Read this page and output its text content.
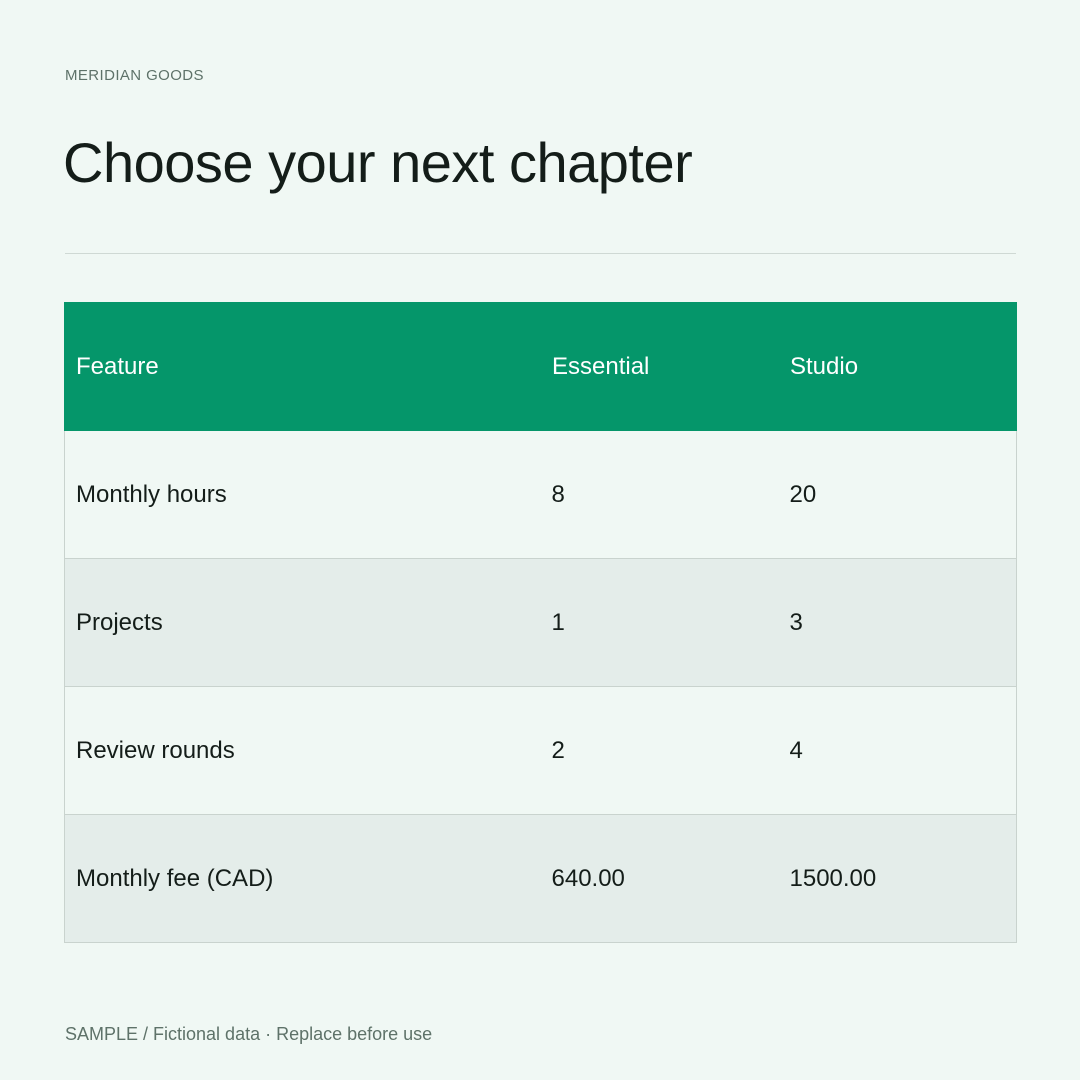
MERIDIAN GOODS
Choose your next chapter
Feature	Essential	Studio
Monthly hours	8	20
Projects	1	3
Review rounds	2	4
Monthly fee (CAD)	640.00	1500.00
SAMPLE / Fictional data · Replace before use
